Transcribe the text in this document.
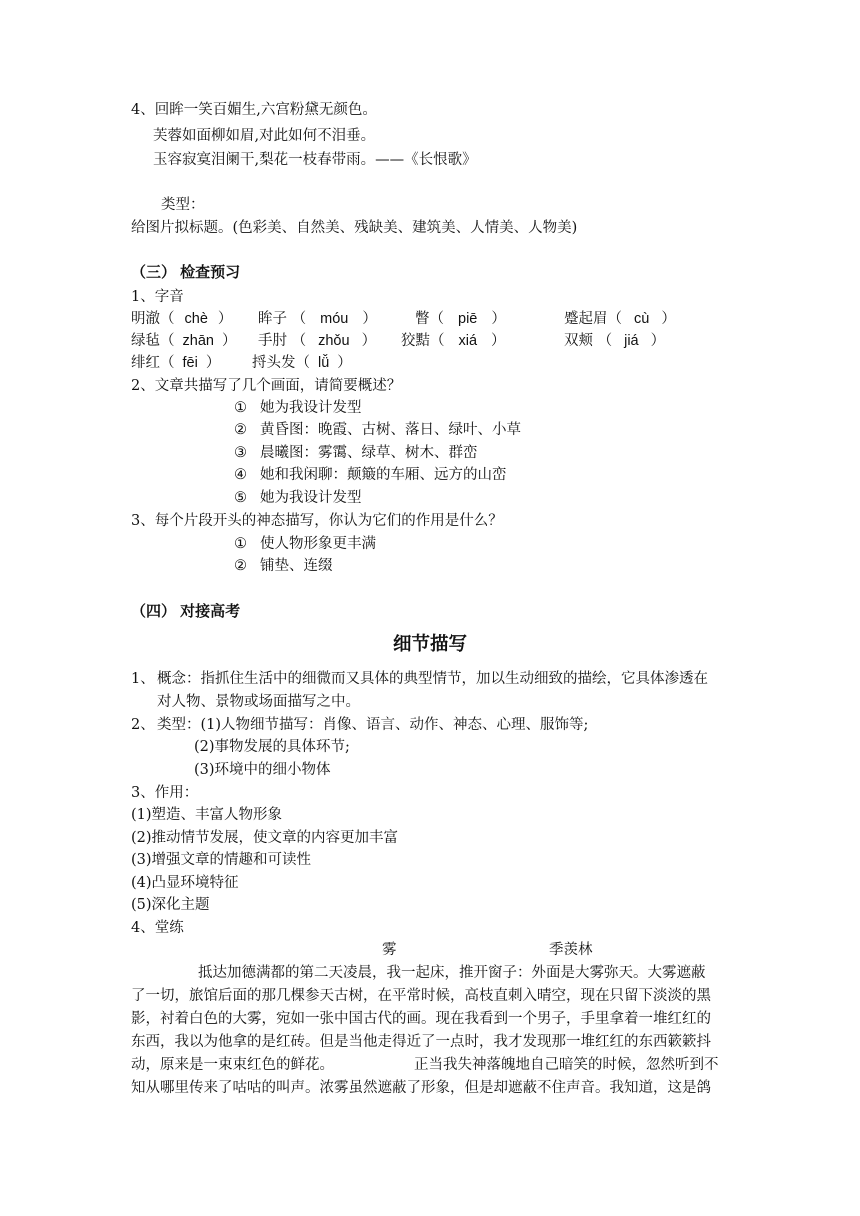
4、回眸一笑百媚生,六宫粉黛无颜色。
芙蓉如面柳如眉,对此如何不泪垂。
玉容寂寞泪阑干,梨花一枝春带雨。——《长恨歌》
类型：
给图片拟标题。(色彩美、自然美、残缺美、建筑美、人情美、人物美)
（三） 检查预习
1、字音
明澈（ chè ） 眸子 （ móu ）	瞥（ piē ）	蹙起眉（ cù ）
绿毡（ zhān ） 手肘 （ zhǒu ） 狡黠（ xiá ）	双颊 （ jiá ）
绯红（ fēi ） 捋头发（ lǚ ）
2、文章共描写了几个画面，请简要概述？
① 她为我设计发型
② 黄昏图：晚霞、古树、落日、绿叶、小草
③ 晨曦图：雾霭、绿草、树木、群峦
④ 她和我闲聊：颠簸的车厢、远方的山峦
⑤ 她为我设计发型
3、每个片段开头的神态描写，你认为它们的作用是什么？
① 使人物形象更丰满
② 铺垫、连缀
（四） 对接高考
细节描写
1、 概念：指抓住生活中的细微而又具体的典型情节，加以生动细致的描绘，它具体渗透在
对人物、景物或场面描写之中。
2、 类型：(1)人物细节描写：肖像、语言、动作、神态、心理、服饰等;
(2)事物发展的具体环节;
(3)环境中的细小物体
3、作用：
(1)塑造、丰富人物形象
(2)推动情节发展，使文章的内容更加丰富
(3)增强文章的情趣和可读性
(4)凸显环境特征
(5)深化主题
4、堂练
雾	季羡林
抵达加德满都的第二天凌晨，我一起床，推开窗子：外面是大雾弥天。大雾遮蔽
了一切，旅馆后面的那几棵参天古树，在平常时候，高枝直刺入晴空，现在只留下淡淡的黑
影，衬着白色的大雾，宛如一张中国古代的画。现在我看到一个男子，手里拿着一堆红红的
东西，我以为他拿的是红砖。但是当他走得近了一点时，我才发现那一堆红红的东西簌簌抖
动，原来是一束束红色的鲜花。	正当我失神落魄地自己暗笑的时候，忽然听到不
知从哪里传来了咕咕的叫声。浓雾虽然遮蔽了形象，但是却遮蔽不住声音。我知道，这是鸽
